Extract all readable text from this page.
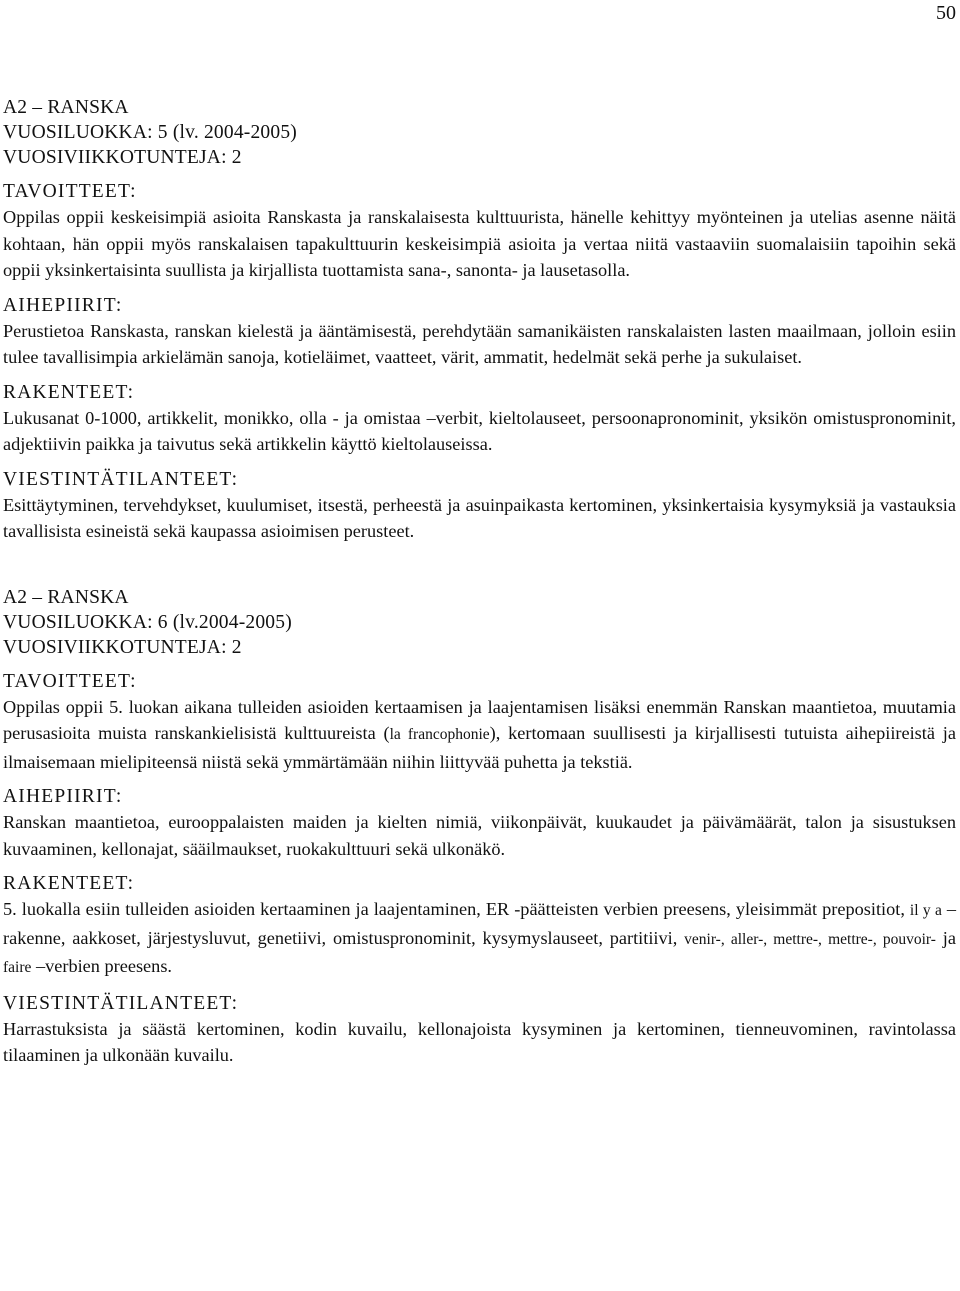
50
A2 – RANSKA
VUOSILUOKKA: 5 (lv. 2004-2005)
VUOSIVIIKKOTUNTEJA: 2
TAVOITTEET:

Oppilas oppii keskeisimpiä asioita Ranskasta ja ranskalaisesta kulttuurista, hänelle kehittyy myönteinen ja utelias asenne näitä kohtaan, hän oppii myös ranskalaisen tapakulttuurin keskeisimpiä asioita ja vertaa niitä vastaaviin suomalaisiin tapoihin sekä oppii yksinkertaisinta suullista ja kirjallista tuottamista sana-, sanonta- ja lausetasolla.

AIHEPIIRIT:

Perustietoa Ranskasta, ranskan kielestä ja ääntämisestä, perehdytään samanikäisten ranskalaisten lasten maailmaan, jolloin esiin tulee tavallisimpia arkielämän sanoja, kotieläimet, vaatteet, värit, ammatit, hedelmät sekä perhe ja sukulaiset.

RAKENTEET:

Lukusanat 0-1000, artikkelit, monikko, olla - ja omistaa –verbit, kieltolauseet, persoonapronominit, yksikön omistuspronominit, adjektiivin paikka ja taivutus sekä artikkelin käyttö kieltolauseissa.

VIESTINTÄTILANTEET:

Esittäytyminen, tervehdykset, kuulumiset, itsestä, perheestä ja asuinpaikasta kertominen, yksinkertaisia kysymyksiä ja vastauksia tavallisista esineistä sekä kaupassa asioimisen perusteet.

A2 – RANSKA
VUOSILUOKKA: 6 (lv.2004-2005)
VUOSIVIIKKOTUNTEJA: 2
TAVOITTEET:

Oppilas oppii 5. luokan aikana tulleiden asioiden kertaamisen ja laajentamisen lisäksi enemmän Ranskan maantietoa, muutamia perusasioita muista ranskankielisistä kulttuureista (la francophonie), kertomaan suullisesti ja kirjallisesti tutuista aihepiireistä ja ilmaisemaan mielipiteensä niistä sekä ymmärtämään niihin liittyvää puhetta ja tekstiä.

AIHEPIIRIT:

Ranskan maantietoa, eurooppalaisten maiden ja kielten nimiä, viikonpäivät, kuukaudet ja päivämäärät, talon ja sisustuksen kuvaaminen, kellonajat, sääilmaukset, ruokakulttuuri sekä ulkonäkö.

RAKENTEET:

5. luokalla esiin tulleiden asioiden kertaaminen ja laajentaminen, ER -päätteisten verbien preesens, yleisimmät prepositiot, il y a –rakenne, aakkoset, järjestysluvut, genetiivi, omistuspronominit, kysymyslauseet, partitiivi, venir-, aller-, mettre-, mettre-, pouvoir- ja faire –verbien preesens.

VIESTINTÄTILANTEET:

Harrastuksista ja säästä kertominen, kodin kuvailu, kellonajoista kysyminen ja kertominen, tienneuvominen, ravintolassa tilaaminen ja ulkonään kuvailu.
